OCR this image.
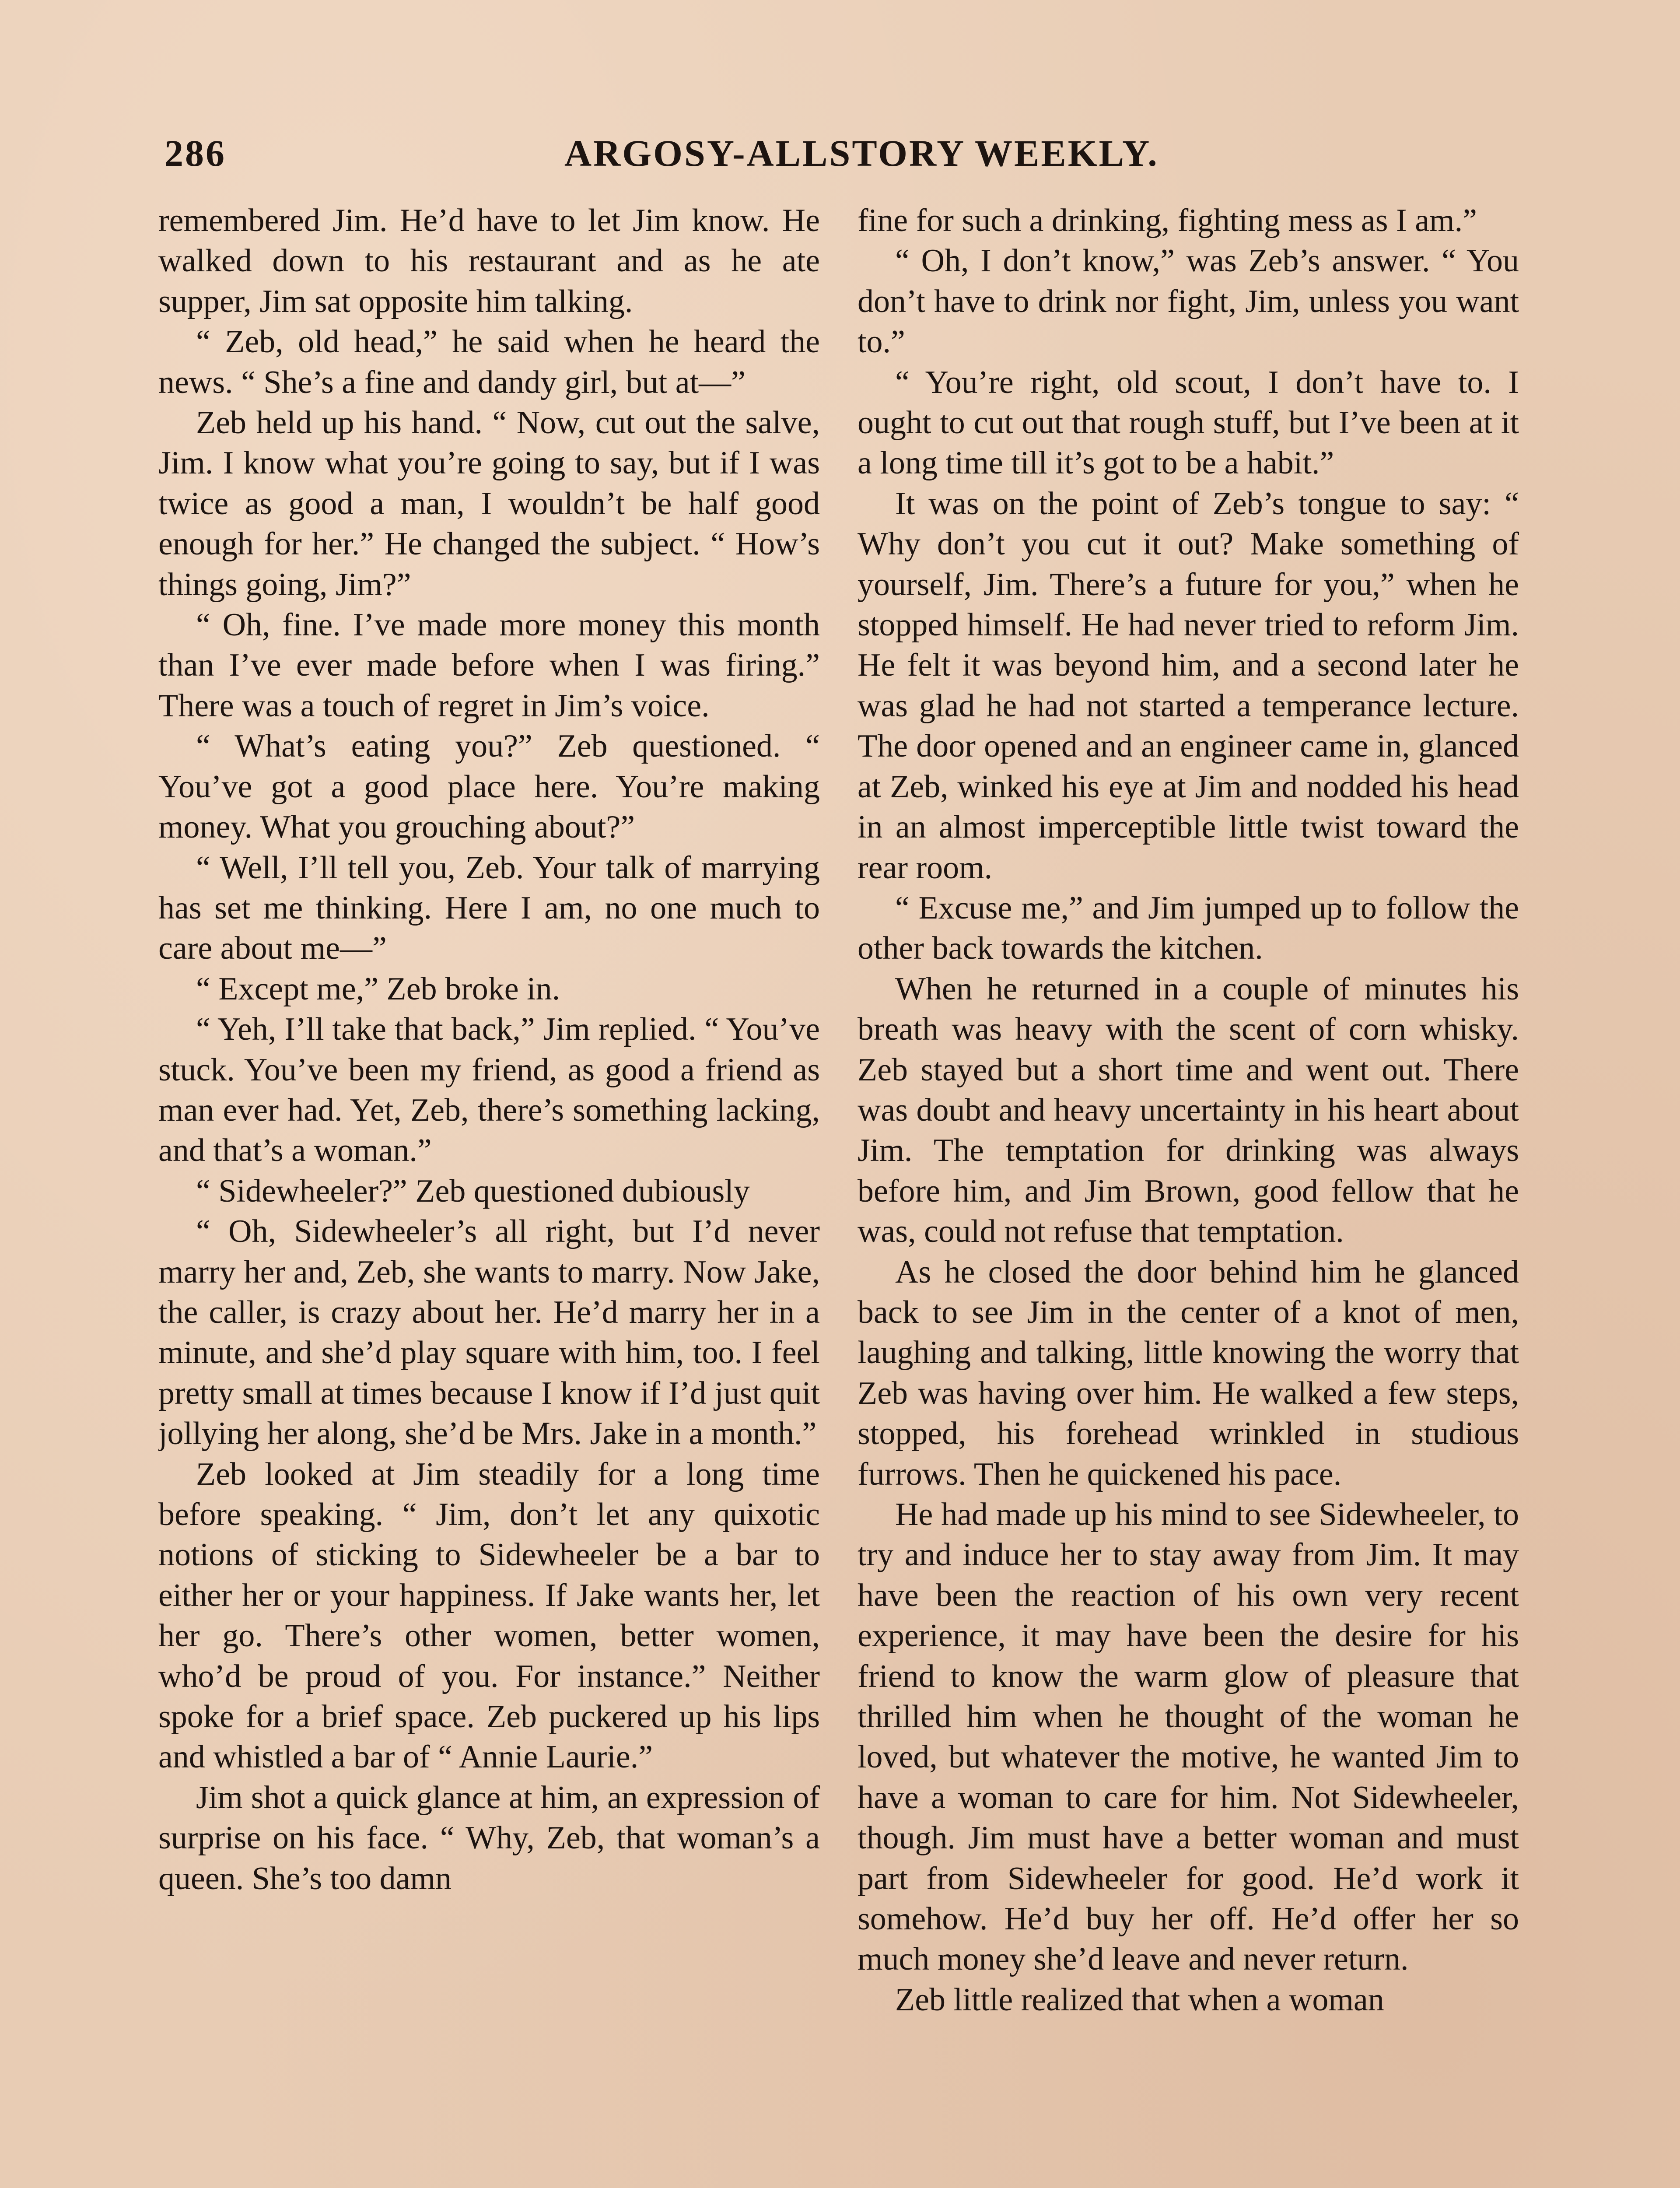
286	ARGOSY-ALLSTORY WEEKLY.

remembered Jim. He’d have to let Jim know. He walked down to his restaurant and as he ate supper, Jim sat opposite him talking.

“ Zeb, old head,” he said when he heard the news. “ She’s a fine and dandy girl, but at—”

Zeb held up his hand. “ Now, cut out the salve, Jim. I know what you’re going to say, but if I was twice as good a man, I wouldn’t be half good enough for her.” He changed the subject. “ How’s things going, Jim?”

“ Oh, fine. I’ve made more money this month than I’ve ever made before when I was firing.” There was a touch of regret in Jim’s voice.

“ What’s eating you?” Zeb questioned. “ You’ve got a good place here. You’re making money. What you grouching about?”

“ Well, I’ll tell you, Zeb. Your talk of marrying has set me thinking. Here I am, no one much to care about me—”

“ Except me,” Zeb broke in.

“ Yeh, I’ll take that back,” Jim replied. “ You’ve stuck. You’ve been my friend, as good a friend as man ever had. Yet, Zeb, there’s something lacking, and that’s a woman.”

“ Sidewheeler?” Zeb questioned dubiously

“ Oh, Sidewheeler’s all right, but I’d never marry her and, Zeb, she wants to marry. Now Jake, the caller, is crazy about her. He’d marry her in a minute, and she’d play square with him, too. I feel pretty small at times because I know if I’d just quit jollying her along, she’d be Mrs. Jake in a month.”

Zeb looked at Jim steadily for a long time before speaking. “ Jim, don’t let any quixotic notions of sticking to Sidewheeler be a bar to either her or your happiness. If Jake wants her, let her go. There’s other women, better women, who’d be proud of you. For instance.” Neither spoke for a brief space. Zeb puckered up his lips and whistled a bar of “ Annie Laurie.”

Jim shot a quick glance at him, an expression of surprise on his face. “ Why, Zeb, that woman’s a queen. She’s too damn

fine for such a drinking, fighting mess as I am.”

“ Oh, I don’t know,” was Zeb’s answer. “ You don’t have to drink nor fight, Jim, unless you want to.”

“ You’re right, old scout, I don’t have to. I ought to cut out that rough stuff, but I’ve been at it a long time till it’s got to be a habit.”

It was on the point of Zeb’s tongue to say: “ Why don’t you cut it out? Make something of yourself, Jim. There’s a future for you,” when he stopped himself. He had never tried to reform Jim. He felt it was beyond him, and a second later he was glad he had not started a temperance lecture. The door opened and an engineer came in, glanced at Zeb, winked his eye at Jim and nodded his head in an almost imperceptible little twist toward the rear room.

“ Excuse me,” and Jim jumped up to follow the other back towards the kitchen.

When he returned in a couple of minutes his breath was heavy with the scent of corn whisky. Zeb stayed but a short time and went out. There was doubt and heavy uncertainty in his heart about Jim. The temptation for drinking was always before him, and Jim Brown, good fellow that he was, could not refuse that temptation.

As he closed the door behind him he glanced back to see Jim in the center of a knot of men, laughing and talking, little knowing the worry that Zeb was having over him. He walked a few steps, stopped, his forehead wrinkled in studious furrows. Then he quickened his pace.

He had made up his mind to see Sidewheeler, to try and induce her to stay away from Jim. It may have been the reaction of his own very recent experience, it may have been the desire for his friend to know the warm glow of pleasure that thrilled him when he thought of the woman he loved, but whatever the motive, he wanted Jim to have a woman to care for him. Not Sidewheeler, though. Jim must have a better woman and must part from Sidewheeler for good. He’d work it somehow. He’d buy her off. He’d offer her so much money she’d leave and never return.

Zeb little realized that when a woman
